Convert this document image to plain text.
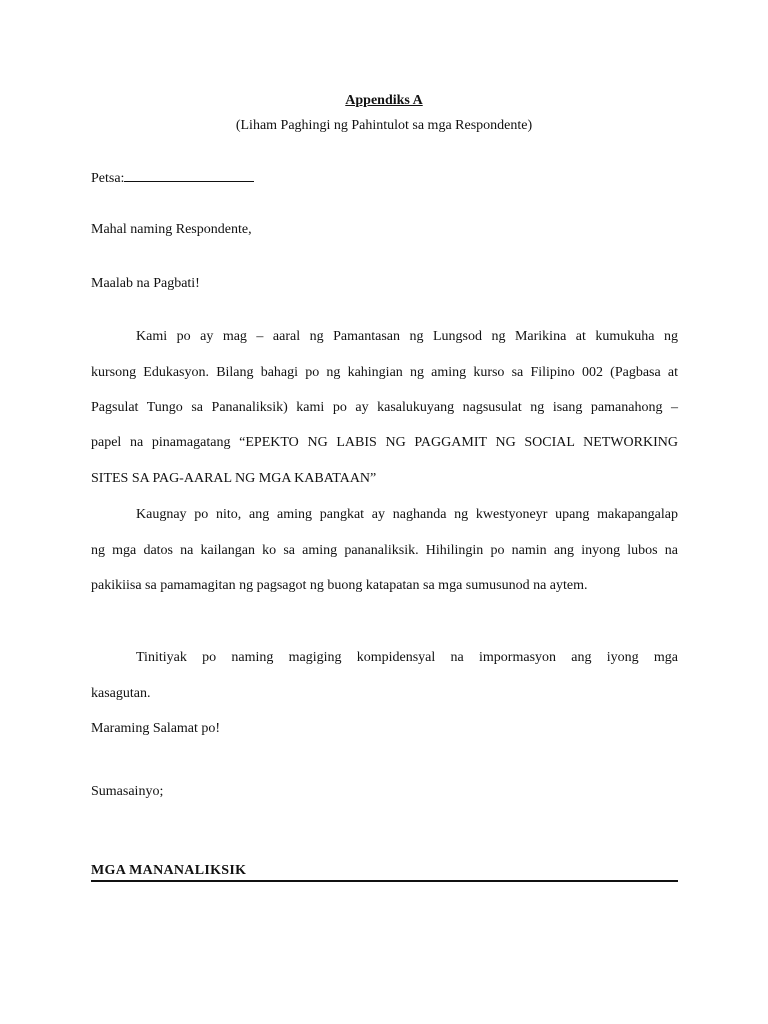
Appendiks A
(Liham Paghingi ng Pahintulot sa mga Respondente)
Petsa:
Mahal naming Respondente,
Maalab na Pagbati!
Kami po ay mag – aaral ng Pamantasan ng Lungsod ng Marikina at kumukuha ng
kursong Edukasyon. Bilang bahagi po ng kahingian ng aming kurso sa Filipino 002 (Pagbasa at
Pagsulat Tungo sa Pananaliksik) kami po ay kasalukuyang nagsusulat ng isang pamanahong –
papel na pinamagatang “EPEKTO NG LABIS NG PAGGAMIT NG SOCIAL NETWORKING
SITES SA PAG-AARAL NG MGA KABATAAN”
Kaugnay po nito, ang aming pangkat ay naghanda ng kwestyoneyr upang makapangalap
ng mga datos na kailangan ko sa aming pananaliksik. Hihilingin po namin ang inyong lubos na
pakikiisa sa pamamagitan ng pagsagot ng buong katapatan sa mga sumusunod na aytem.
Tinitiyak po naming magiging kompidensyal na impormasyon ang iyong mga
kasagutan.
Maraming Salamat po!
Sumasainyo;
MGA MANANALIKSIK
